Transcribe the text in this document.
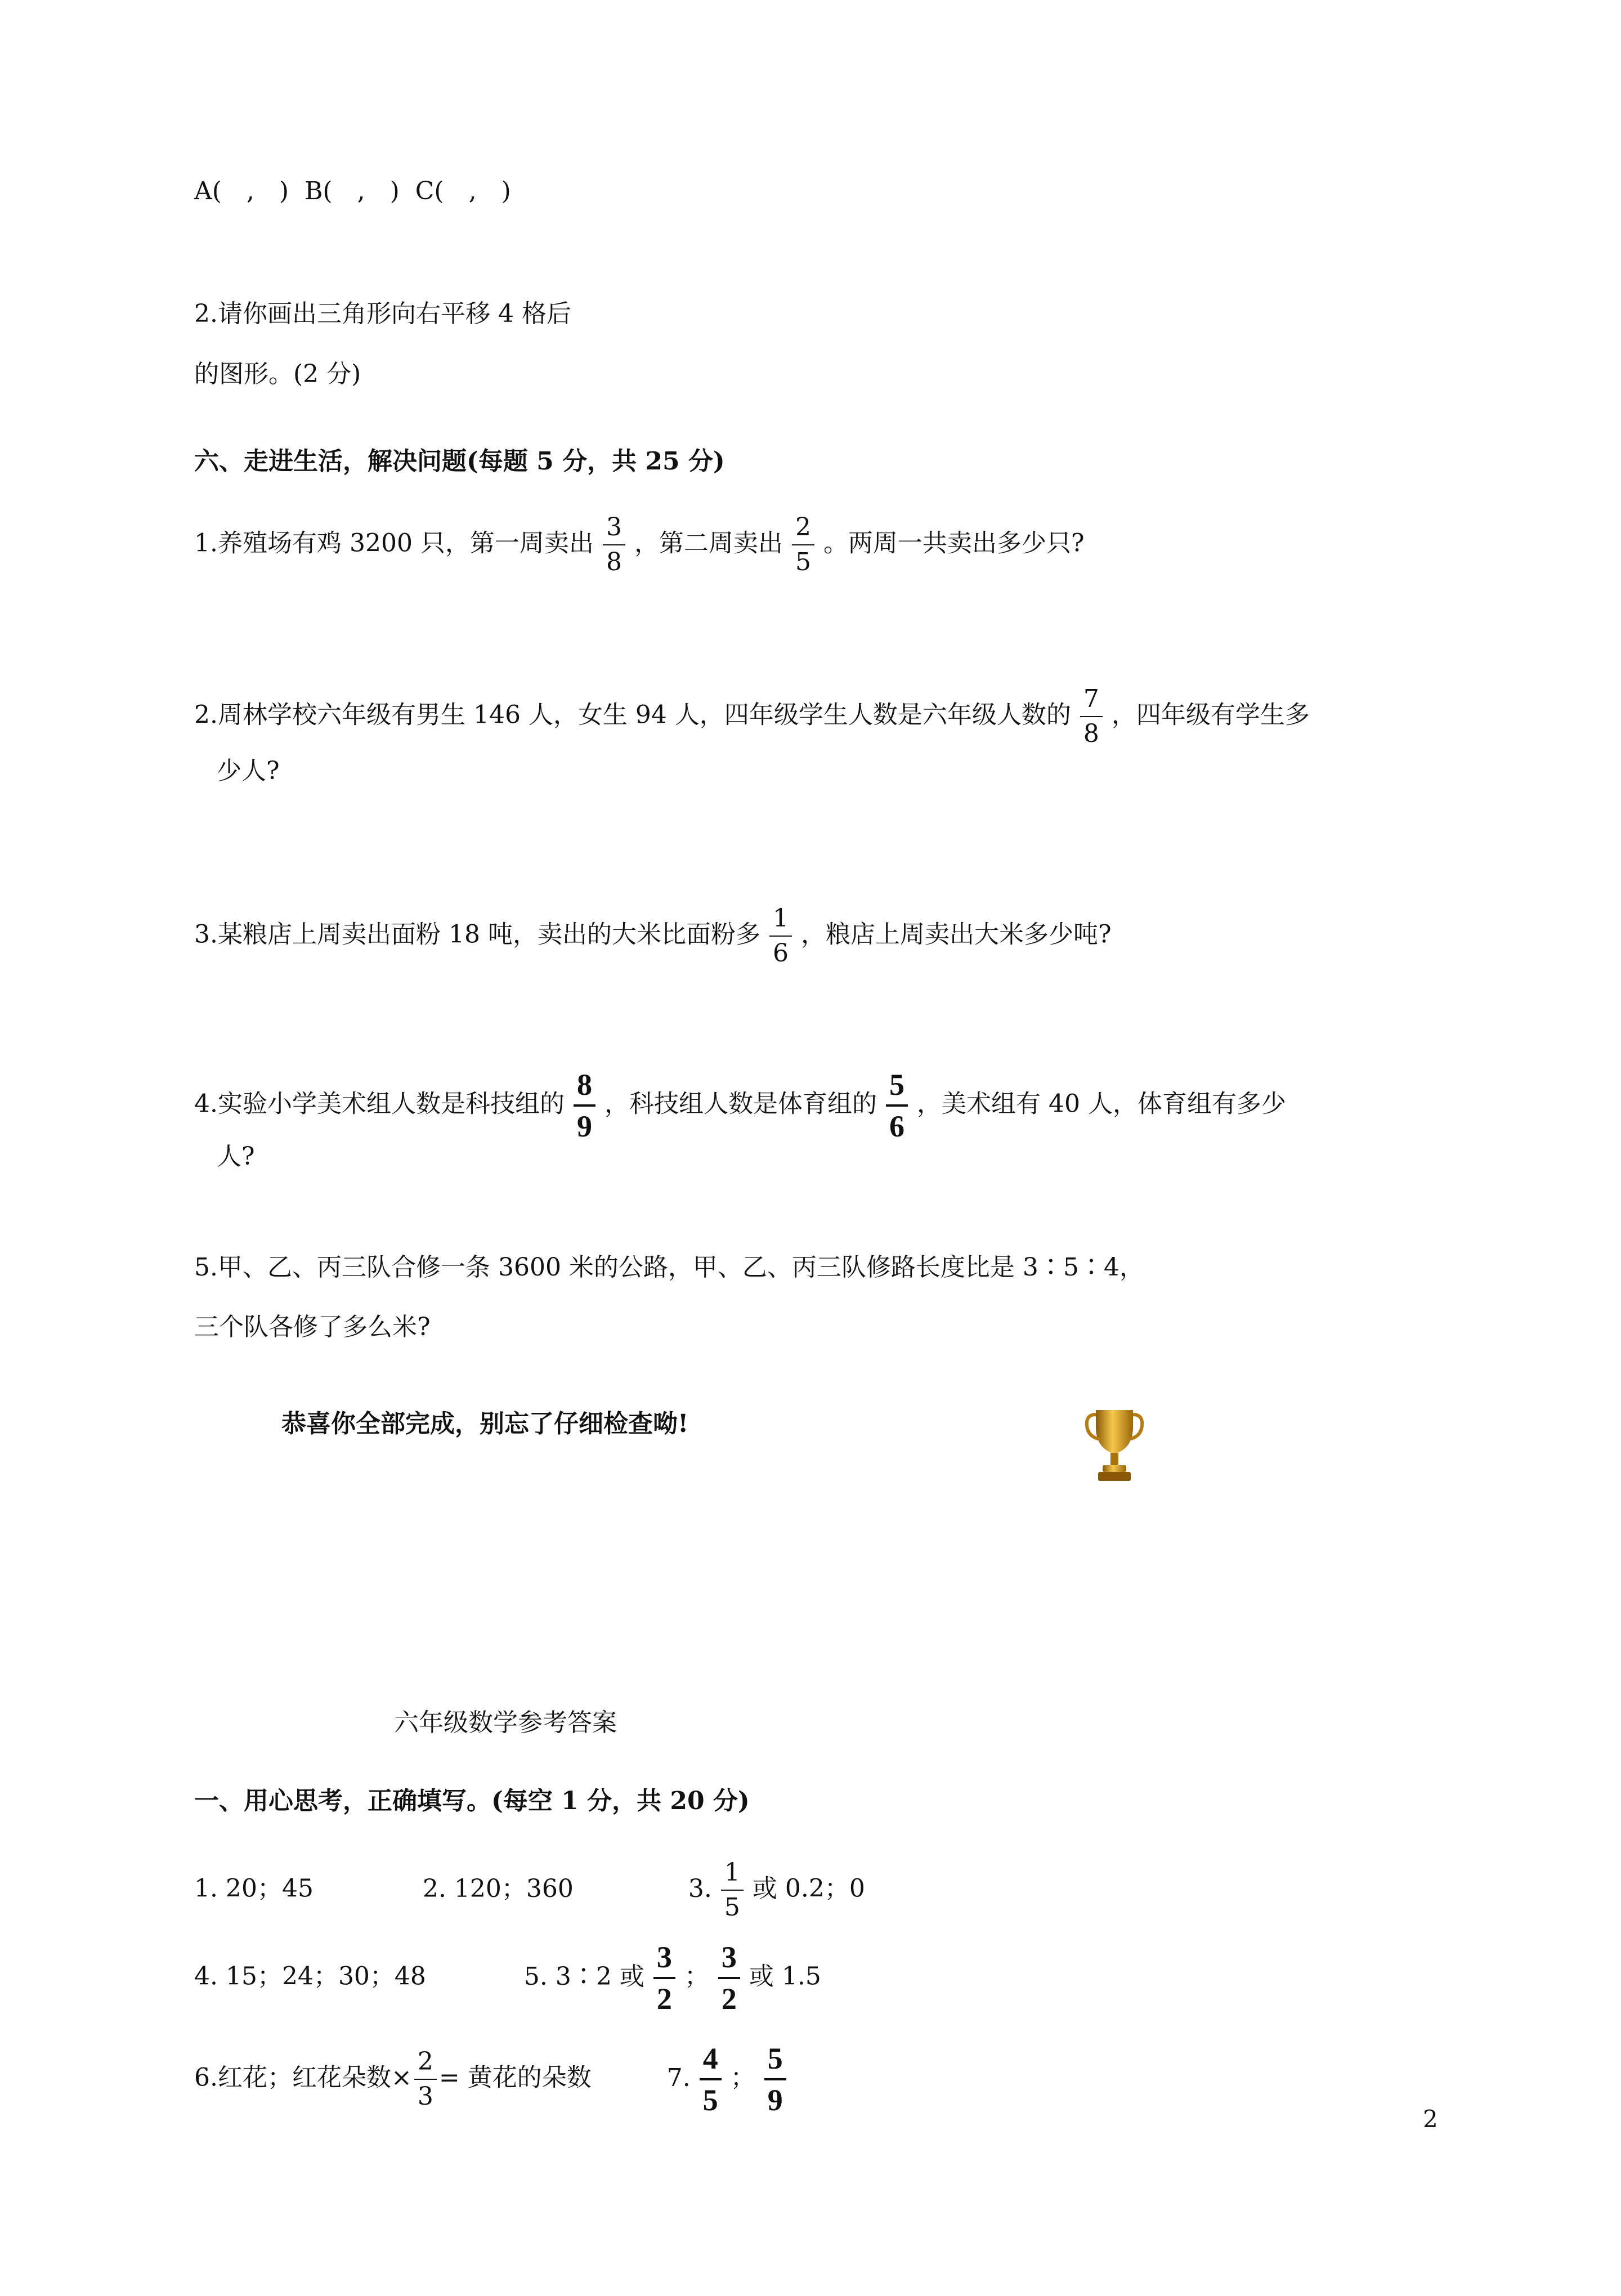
A(　,　) B(　,　) C(　,　)
2.请你画出三角形向右平移 4 格后
的图形。(2 分)
六、走进生活，解决问题(每题 5 分，共 25 分)
1.养殖场有鸡 3200 只，第一周卖出 $\frac{3}{8}$ ，第二周卖出 $\frac{2}{5}$ 。两周一共卖出多少只?
2.周林学校六年级有男生 146 人，女生 94 人，四年级学生人数是六年级人数的 $\frac{7}{8}$ ，四年级有学生多
少人?
3.某粮店上周卖出面粉 18 吨，卖出的大米比面粉多 $\frac{1}{6}$ ，粮店上周卖出大米多少吨?
4.实验小学美术组人数是科技组的 $\frac{8}{9}$ ，科技组人数是体育组的 $\frac{5}{6}$ ，美术组有 40 人，体育组有多少
人?
5.甲、乙、丙三队合修一条 3600 米的公路，甲、乙、丙三队修路长度比是 3∶5∶4，
三个队各修了多么米?
恭喜你全部完成，别忘了仔细检查呦!
六年级数学参考答案
一、用心思考，正确填写。(每空 1 分，共 20 分)
1. 20；45	2. 120；360	3. $\frac{1}{5}$ 或 0.2；0
4. 15；24；30；48	5. 3∶2 或 $\frac{3}{2}$ ； $\frac{3}{2}$ 或 1.5
6.红花；红花朵数× $\frac{2}{3}$ = 黄花的朵数	7. $\frac{4}{5}$ ； $\frac{5}{9}$
2
